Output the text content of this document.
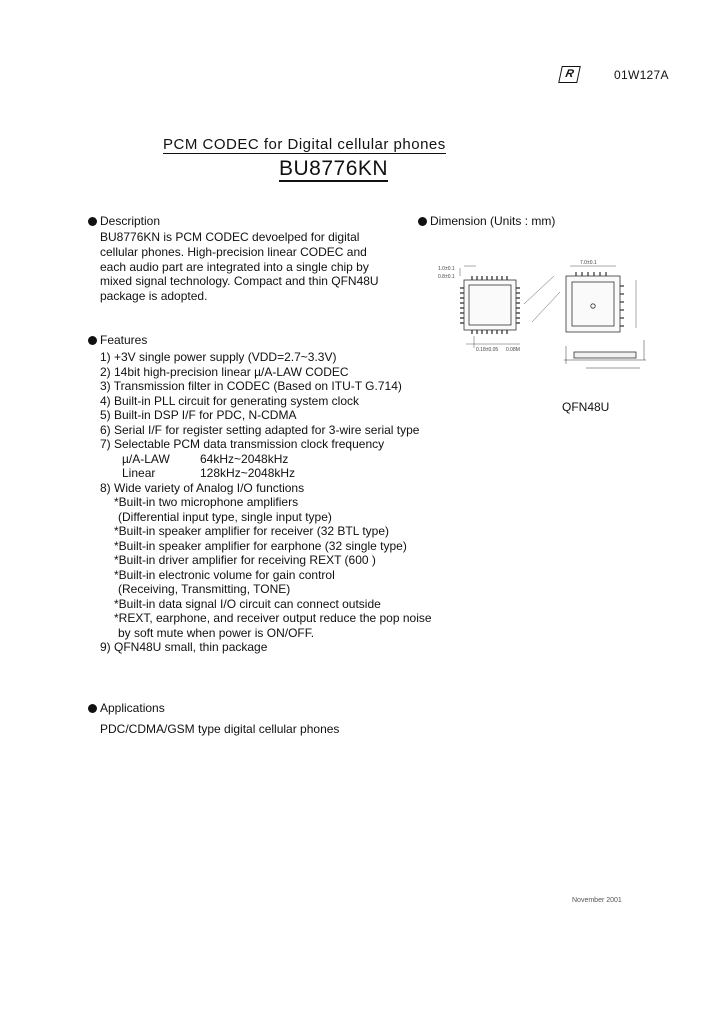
R	01W127A
PCM CODEC for Digital cellular phones
BU8776KN
Description
BU8776KN is PCM CODEC devoelped for digital
cellular phones. High-precision linear CODEC and
each audio part are integrated into a single chip by
mixed signal technology. Compact and thin QFN48U
package is adopted.
Dimension (Units : mm)
1.0±0.1
0.8±0.1
0.18±0.05 0.08M
7.0±0.1
QFN48U
Features
1) +3V single power supply (VDD=2.7~3.3V)
2) 14bit high-precision linear µ/A-LAW CODEC
3) Transmission filter in CODEC (Based on ITU-T G.714)
4) Built-in PLL circuit for generating system clock
5) Built-in DSP I/F for PDC, N-CDMA
6) Serial I/F for register setting adapted for 3-wire serial type
7) Selectable PCM data transmission clock frequency
µ/A-LAW	64kHz~2048kHz
Linear	128kHz~2048kHz
8) Wide variety of Analog I/O functions
*Built-in two microphone amplifiers
(Differential input type, single input type)
*Built-in speaker amplifier for receiver (32 BTL type)
*Built-in speaker amplifier for earphone (32 single type)
*Built-in driver amplifier for receiving REXT (600 )
*Built-in electronic volume for gain control
(Receiving, Transmitting, TONE)
*Built-in data signal I/O circuit can connect outside
*REXT, earphone, and receiver output reduce the pop noise
by soft mute when power is ON/OFF.
9) QFN48U small, thin package
Applications
PDC/CDMA/GSM type digital cellular phones
November 2001
